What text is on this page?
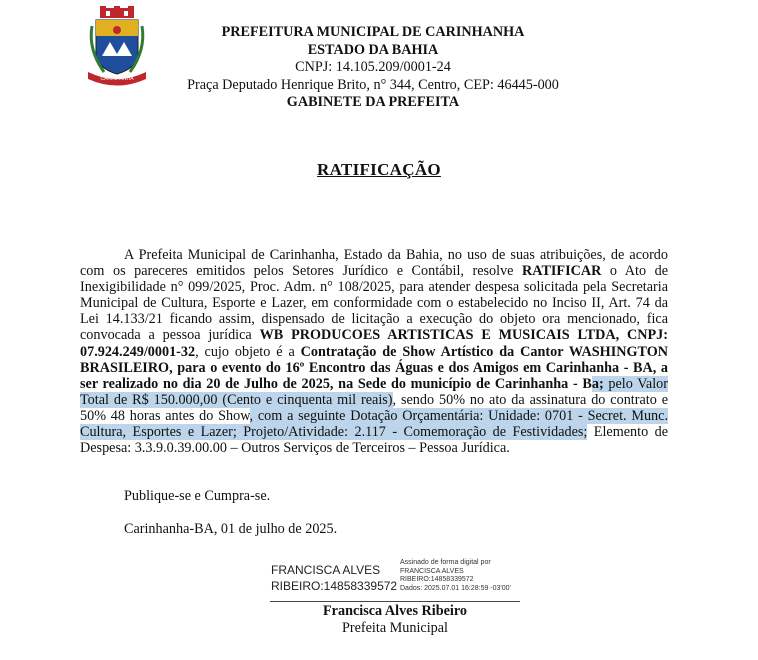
CARINHANHA
PREFEITURA MUNICIPAL DE CARINHANHA
ESTADO DA BAHIA
CNPJ: 14.105.209/0001-24
Praça Deputado Henrique Brito, n° 344, Centro, CEP: 46445-000
GABINETE DA PREFEITA
RATIFICAÇÃO

A Prefeita Municipal de Carinhanha, Estado da Bahia, no uso de suas atribuições, de acordo com os pareceres emitidos pelos Setores Jurídico e Contábil, resolve RATIFICAR o Ato de Inexigibilidade n° 099/2025, Proc. Adm. n° 108/2025, para atender despesa solicitada pela Secretaria Municipal de Cultura, Esporte e Lazer, em conformidade com o estabelecido no Inciso II, Art. 74 da Lei 14.133/21 ficando assim, dispensado de licitação a execução do objeto ora mencionado, fica convocada a pessoa jurídica WB PRODUCOES ARTISTICAS E MUSICAIS LTDA, CNPJ: 07.924.249/0001-32, cujo objeto é a Contratação de Show Artístico da Cantor WASHINGTON BRASILEIRO, para o evento do 16º Encontro das Águas e dos Amigos em Carinhanha - BA, a ser realizado no dia 20 de Julho de 2025, na Sede do município de Carinhanha - Ba; pelo Valor Total de R$ 150.000,00 (Cento e cinquenta mil reais), sendo 50% no ato da assinatura do contrato e 50% 48 horas antes do Show, com a seguinte Dotação Orçamentária: Unidade: 0701 - Secret. Munc. Cultura, Esportes e Lazer; Projeto/Atividade: 2.117 - Comemoração de Festividades; Elemento de Despesa: 3.3.9.0.39.00.00 – Outros Serviços de Terceiros – Pessoa Jurídica.

Publique-se e Cumpra-se.
Carinhanha-BA, 01 de julho de 2025.
FRANCISCA ALVES
RIBEIRO:14858339572
Assinado de forma digital por
FRANCISCA ALVES
RIBEIRO:14858339572
Dados: 2025.07.01 16:28:59 -03'00'
Francisca Alves Ribeiro
Prefeita Municipal
